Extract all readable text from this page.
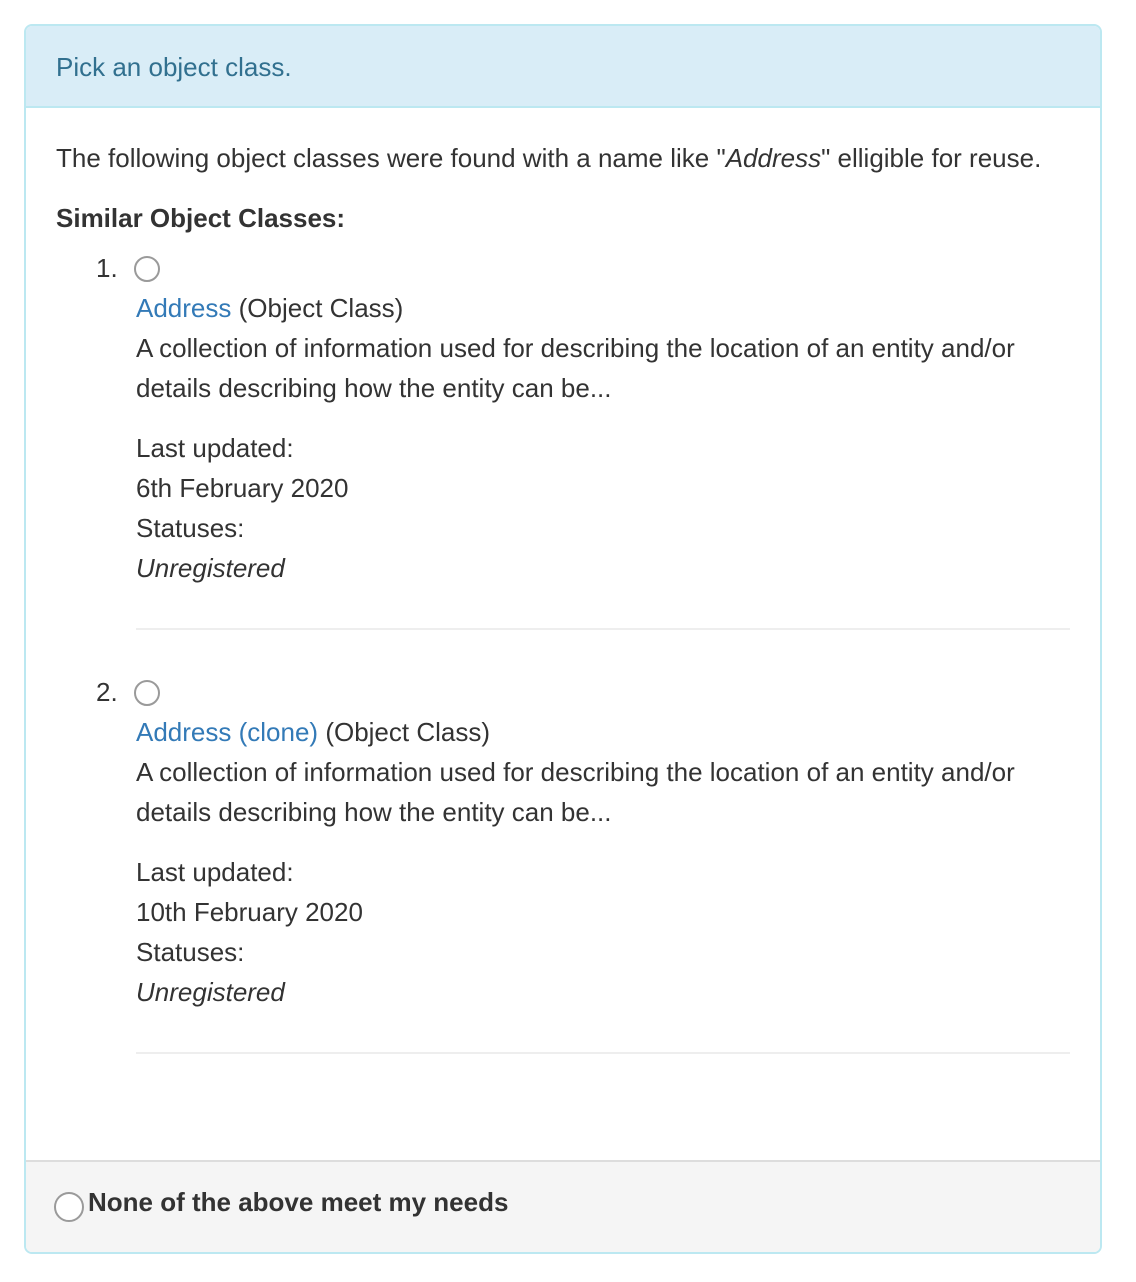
Pick an object class.
The following object classes were found with a name like "Address" elligible for reuse.
Similar Object Classes:
1.
Address (Object Class)
A collection of information used for describing the location of an entity and/or details describing how the entity can be...
Last updated:
6th February 2020
Statuses:
Unregistered
2.
Address (clone) (Object Class)
A collection of information used for describing the location of an entity and/or details describing how the entity can be...
Last updated:
10th February 2020
Statuses:
Unregistered
None of the above meet my needs
